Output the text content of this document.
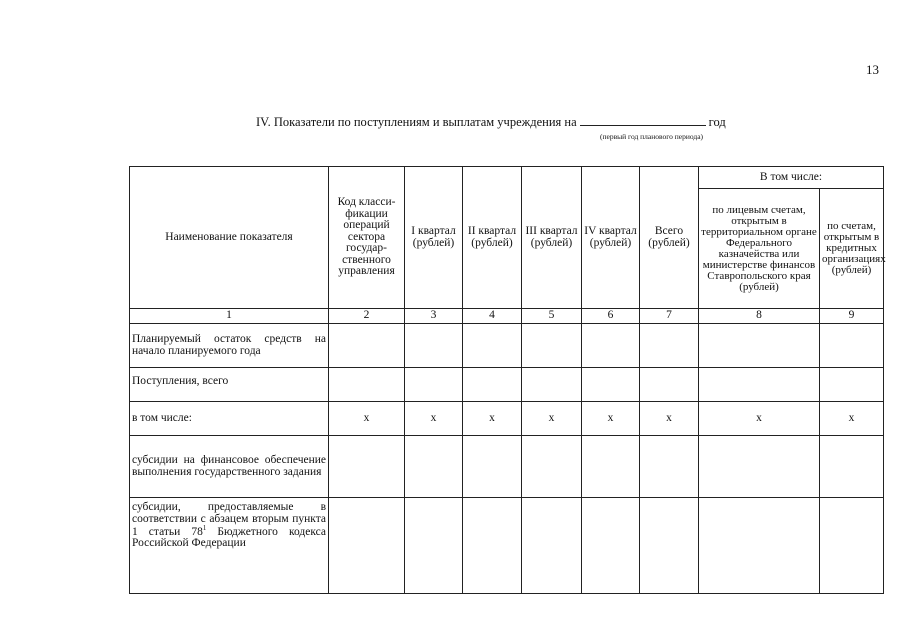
13
IV. Показатели по поступлениям и выплатам учреждения на	год
(первый год планового периода)
Наименование показателя	Код класси-фикации операций сектора государ-ственного управления	I квартал (рублей)	II квартал (рублей)	III квартал (рублей)	IV квартал (рублей)	Всего (рублей)	В том числе:	
							по лицевым счетам, открытым в территориальном органе Федерального казначейства или министерстве финансов Ставропольского края (рублей)	по счетам, открытым в кредитных организациях (рублей)
1	2	3	4	5	6	7	8	9
Планируемый остаток средств на начало планируемого года								
Поступления, всего								
в том числе:	х	х	х	х	х	х	х	х
субсидии на финансовое обеспечение выполнения государственного задания								
субсидии, предоставляемые в соответствии с абзацем вторым пункта 1 статьи $78^1$ Бюджетного кодекса Российской Федерации								
